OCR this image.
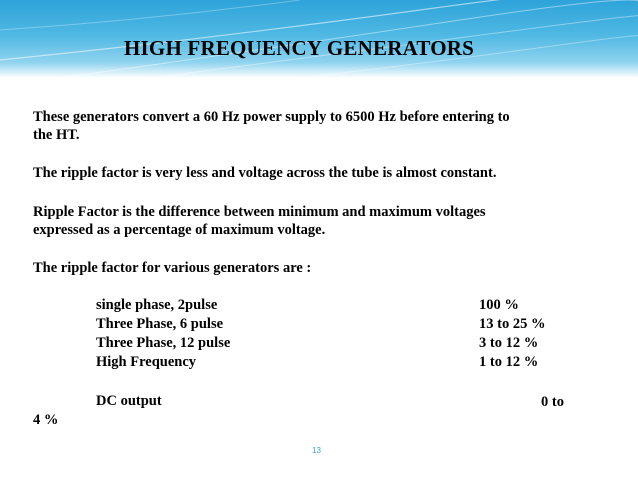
HIGH FREQUENCY GENERATORS
These generators convert a 60 Hz power supply to 6500 Hz before entering to
the HT.
The ripple factor is very less and voltage across the tube is almost constant.
Ripple Factor is the difference between minimum and maximum voltages
expressed as a percentage of maximum voltage.
The ripple factor for various generators are :
single phase, 2pulse	100 %
Three Phase, 6 pulse	13 to 25 %
Three Phase, 12 pulse	3 to 12 %
High Frequency	1 to 12 %
DC output	0 to
4 %
13
